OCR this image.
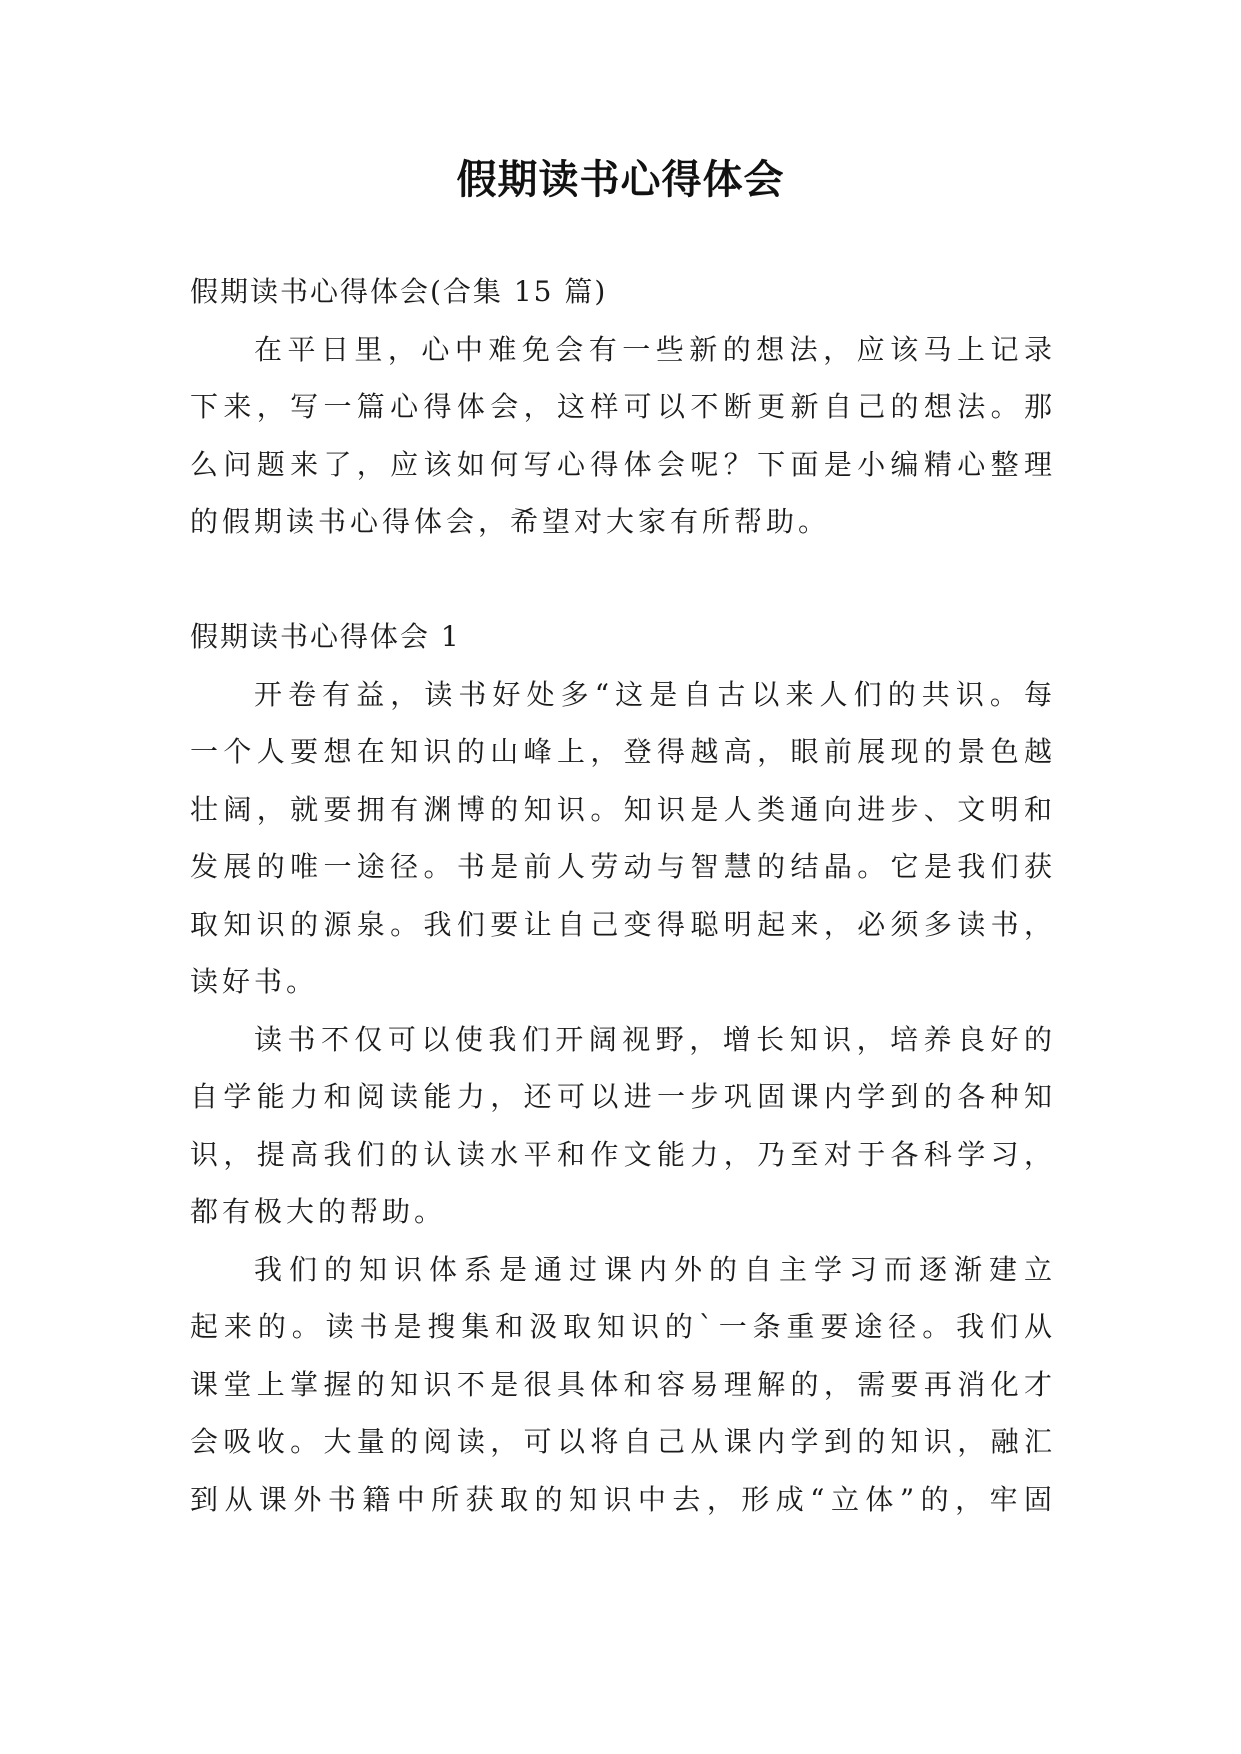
假期读书心得体会
假期读书心得体会(合集 15 篇)
在平日里，心中难免会有一些新的想法，应该马上记录
下来，写一篇心得体会，这样可以不断更新自己的想法。那
么问题来了，应该如何写心得体会呢？下面是小编精心整理
的假期读书心得体会，希望对大家有所帮助。
假期读书心得体会 1
开卷有益，读书好处多“这是自古以来人们的共识。每
一个人要想在知识的山峰上，登得越高，眼前展现的景色越
壮阔，就要拥有渊博的知识。知识是人类通向进步、文明和
发展的唯一途径。书是前人劳动与智慧的结晶。它是我们获
取知识的源泉。我们要让自己变得聪明起来，必须多读书，
读好书。
读书不仅可以使我们开阔视野，增长知识，培养良好的
自学能力和阅读能力，还可以进一步巩固课内学到的各种知
识，提高我们的认读水平和作文能力，乃至对于各科学习，
都有极大的帮助。
我们的知识体系是通过课内外的自主学习而逐渐建立
起来的。读书是搜集和汲取知识的`一条重要途径。我们从
课堂上掌握的知识不是很具体和容易理解的，需要再消化才
会吸收。大量的阅读，可以将自己从课内学到的知识，融汇
到从课外书籍中所获取的知识中去，形成“立体”的，牢固
